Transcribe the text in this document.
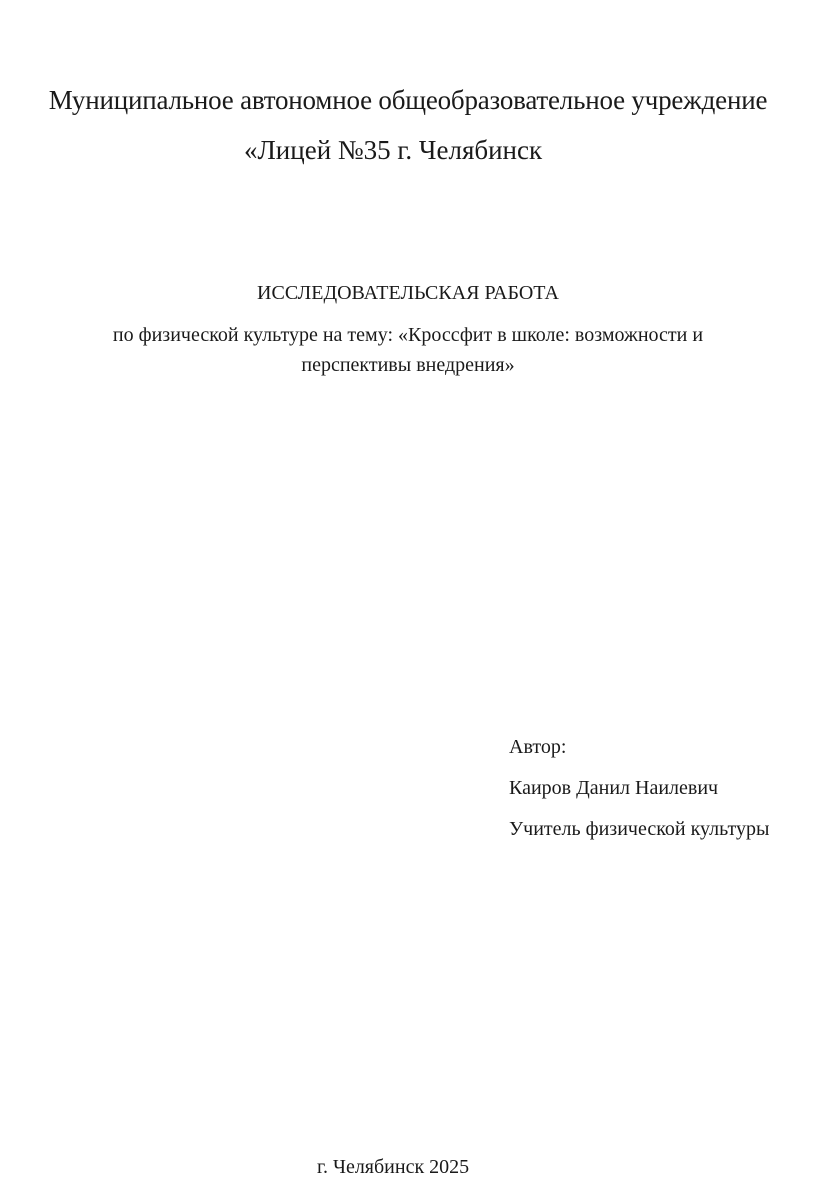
Муниципальное автономное общеобразовательное учреждение

«Лицей №35 г. Челябинск

ИССЛЕДОВАТЕЛЬСКАЯ РАБОТА

по физической культуре на тему: «Кроссфит в школе: возможности и

перспективы внедрения»

Автор:

Каиров Данил Наилевич

Учитель физической культуры

г. Челябинск 2025
